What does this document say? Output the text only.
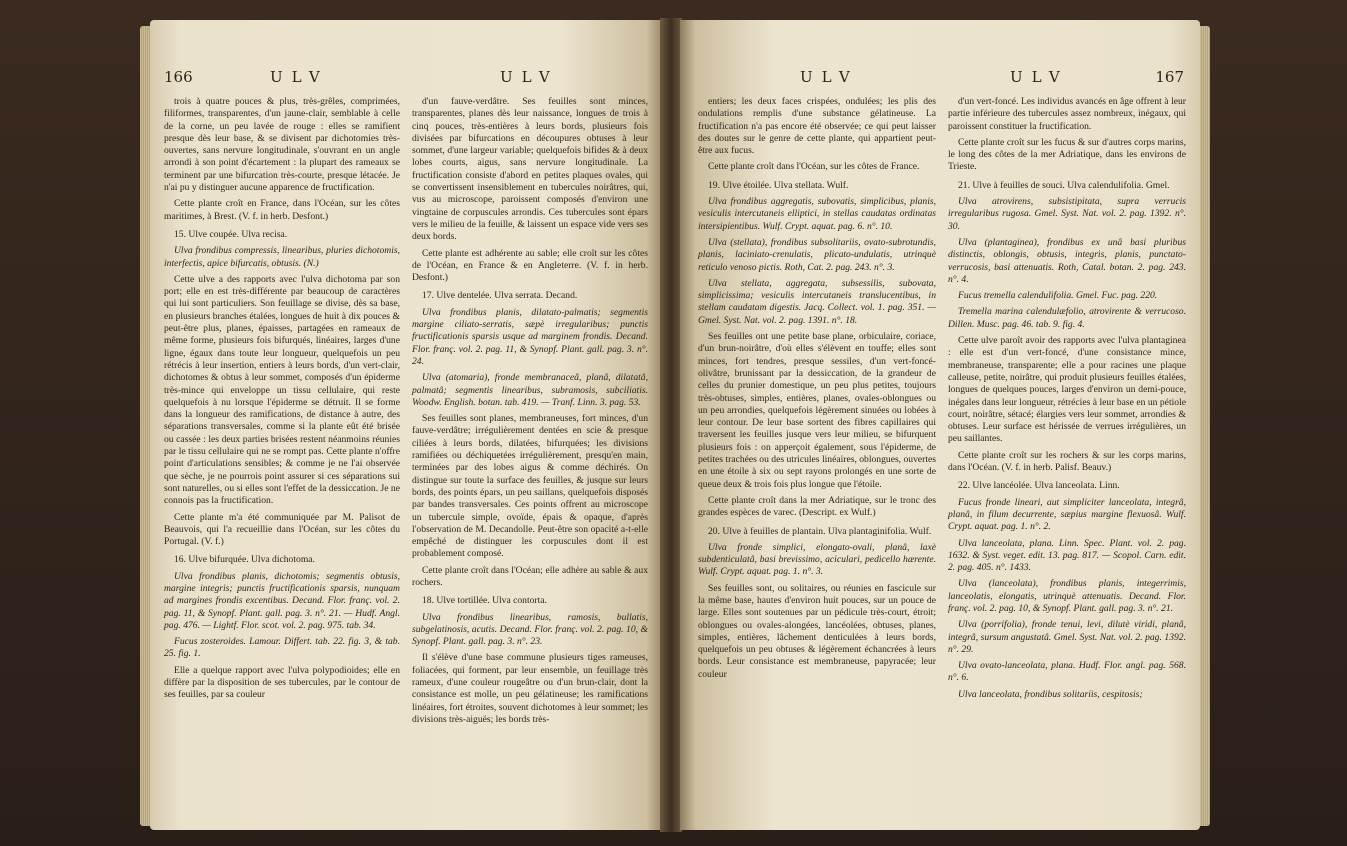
166	ULV	ULV

trois à quatre pouces & plus, très-grêles, comprimées, filiformes, transparentes, d'un jaune-clair, semblable à celle de la corne, un peu lavée de rouge : elles se ramifient presque dès leur base, & se divisent par dichotomies très-ouvertes, sans nervure longitudinale, s'ouvrant en un angle arrondi à son point d'écartement : la plupart des rameaux se terminent par une bifurcation très-courte, presque létacée. Je n'ai pu y distinguer aucune apparence de fructification.

Cette plante croît en France, dans l'Océan, sur les côtes maritimes, à Brest. (V. f. in herb. Desfont.)

15. Ulve coupée. Ulva recisa.

Ulva frondibus compressis, linearibus, pluries dichotomis, interfectis, apice bifurcatis, obtusis. (N.)

Cette ulve a des rapports avec l'ulva dichotoma par son port; elle en est très-différente par beaucoup de caractères qui lui sont particuliers. Son feuillage se divise, dès sa base, en plusieurs branches étalées, longues de huit à dix pouces & peut-être plus, planes, épaisses, partagées en rameaux de même forme, plusieurs fois bifurqués, linéaires, larges d'une ligne, égaux dans toute leur longueur, quelquefois un peu rétrécis à leur insertion, entiers à leurs bords, d'un vert-clair, dichotomes & obtus à leur sommet, composés d'un épiderme très-mince qui enveloppe un tissu cellulaire, qui reste quelquefois à nu lorsque l'épiderme se détruit. Il se forme dans la longueur des ramifications, de distance à autre, des séparations transversales, comme si la plante eût été brisée ou cassée : les deux parties brisées restent néanmoins réunies par le tissu cellulaire qui ne se rompt pas. Cette plante n'offre point d'articulations sensibles; & comme je ne l'ai observée que sèche, je ne pourrois point assurer si ces séparations sui sont naturelles, ou si elles sont l'effet de la dessiccation. Je ne connois pas la fructification.

Cette plante m'a été communiquée par M. Palisot de Beauvois, qui l'a recueillie dans l'Océan, sur les côtes du Portugal. (V. f.)

16. Ulve bifurquée. Ulva dichotoma.

Ulva frondibus planis, dichotomis; segmentis obtusis, margine integris; punctis fructificationis sparsis, nunquam ad margines frondis excentibus. Decand. Flor. franç. vol. 2. pag. 11, & Synopf. Plant. gall. pag. 3. n°. 21. — Hudf. Angl. pag. 476. — Lightf. Flor. scot. vol. 2. pag. 975. tab. 34.

Fucus zosteroides. Lamour. Differt. tab. 22. fig. 3, & tab. 25. fig. 1.

Elle a quelque rapport avec l'ulva polypodioides; elle en diffère par la disposition de ses tubercules, par le contour de ses feuilles, par sa couleur

d'un fauve-verdâtre. Ses feuilles sont minces, transparentes, planes dès leur naissance, longues de trois à cinq pouces, très-entières à leurs bords, plusieurs fois divisées par bifurcations en découpures obtuses à leur sommet, d'une largeur variable; quelquefois bifides & à deux lobes courts, aigus, sans nervure longitudinale. La fructification consiste d'abord en petites plaques ovales, qui se convertissent insensiblement en tubercules noirâtres, qui, vus au microscope, paroissent composés d'environ une vingtaine de corpuscules arrondis. Ces tubercules sont épars vers le milieu de la feuille, & laissent un espace vide vers ses deux bords.

Cette plante est adhérente au sable; elle croît sur les côtes de l'Océan, en France & en Angleterre. (V. f. in herb. Desfont.)

17. Ulve dentelée. Ulva serrata. Decand.

Ulva frondibus planis, dilatato-palmatis; segmentis margine ciliato-serratis, sæpè irregularibus; punctis fructificationis sparsis usque ad marginem frondis. Decand. Flor. franç. vol. 2. pag. 11, & Synopf. Plant. gall. pag. 3. n°. 24.

Ulva (atomaria), fronde membranaceâ, planâ, dilatatâ, palmatâ; segmentis linearibus, subramosis, subciliatis. Woodw. English. botan. tab. 419. — Tranf. Linn. 3. pag. 53.

Ses feuilles sont planes, membraneuses, fort minces, d'un fauve-verdâtre; irrégulièrement dentées en scie & presque ciliées à leurs bords, dilatées, bifurquées; les divisions ramifiées ou déchiquetées irrégulièrement, presqu'en main, terminées par des lobes aigus & comme déchirés. On distingue sur toute la surface des feuilles, & jusque sur leurs bords, des points épars, un peu saillans, quelquefois disposés par bandes transversales. Ces points offrent au microscope un tubercule simple, ovoïde, épais & opaque, d'après l'observation de M. Decandolle. Peut-être son opacité a-t-elle empêché de distinguer les corpuscules dont il est probablement composé.

Cette plante croît dans l'Océan; elle adhère au sable & aux rochers.

18. Ulve tortillée. Ulva contorta.

Ulva frondibus linearibus, ramosis, bullatis, subgelatinosis, acutis. Decand. Flor. franç. vol. 2. pag. 10, & Synopf. Plant. gall. pag. 3. n°. 23.

Il s'élève d'une base commune plusieurs tiges rameuses, foliacées, qui forment, par leur ensemble, un feuillage très rameux, d'une couleur rougeâtre ou d'un brun-clair, dont la consistance est molle, un peu gélatineuse; les ramifications linéaires, fort étroites, souvent dichotomes à leur sommet; les divisions très-aiguës; les bords très-

ULV	ULV	167

entiers; les deux faces crispées, ondulées; les plis des ondulations remplis d'une substance gélatineuse. La fructification n'a pas encore été observée; ce qui peut laisser des doutes sur le genre de cette plante, qui appartient peut-être aux fucus.

Cette plante croît dans l'Océan, sur les côtes de France.

19. Ulve étoilée. Ulva stellata. Wulf.

Ulva frondibus aggregatis, subovatis, simplicibus, planis, vesiculis intercutaneis elliptici, in stellas caudatas ordinatas intersipientibus. Wulf. Crypt. aquat. pag. 6. n°. 10.

Ulva (stellata), frondibus subsolitariis, ovato-subrotundis, planis, laciniato-crenulatis, plicato-undulatis, utrinquè reticulo venoso pictis. Roth, Cat. 2. pag. 243. n°. 3.

Ulva stellata, aggregata, subsessilis, subovata, simplicissima; vesiculis intercutaneis translucentibus, in stellam caudatam digestis. Jacq. Collect. vol. 1. pag. 351. — Gmel. Syst. Nat. vol. 2. pag. 1391. n°. 18.

Ses feuilles ont une petite base plane, orbiculaire, coriace, d'un brun-noirâtre, d'où elles s'élèvent en touffe; elles sont minces, fort tendres, presque sessiles, d'un vert-foncé-olivâtre, brunissant par la dessiccation, de la grandeur de celles du prunier domestique, un peu plus petites, toujours très-obtuses, simples, entières, planes, ovales-oblongues ou un peu arrondies, quelquefois légèrement sinuées ou lobées à leur contour. De leur base sortent des fibres capillaires qui traversent les feuilles jusque vers leur milieu, se bifurquent plusieurs fois : on apperçoit également, sous l'épiderme, de petites trachées ou des utricules linéaires, oblongues, ouvertes en une étoile à six ou sept rayons prolongés en une sorte de queue deux & trois fois plus longue que l'étoile.

Cette plante croît dans la mer Adriatique, sur le tronc des grandes espèces de varec. (Descript. ex Wulf.)

20. Ulve à feuilles de plantain. Ulva plantaginifolia. Wulf.

Ulva fronde simplici, elongato-ovali, planâ, laxè subdenticulatâ, basi brevissimo, aciculari, pedicello hærente. Wulf. Crypt. aquat. pag. 1. n°. 3.

Ses feuilles sont, ou solitaires, ou réunies en fascicule sur la même base, hautes d'environ huit pouces, sur un pouce de large. Elles sont soutenues par un pédicule très-court, étroit; oblongues ou ovales-alongées, lancéolées, obtuses, planes, simples, entières, lâchement denticulées à leurs bords, quelquefois un peu obtuses & légèrement échancrées à leurs bords. Leur consistance est membraneuse, papyracée; leur couleur

d'un vert-foncé. Les individus avancés en âge offrent à leur partie inférieure des tubercules assez nombreux, inégaux, qui paroissent constituer la fructification.

Cette plante croît sur les fucus & sur d'autres corps marins, le long des côtes de la mer Adriatique, dans les environs de Trieste.

21. Ulve à feuilles de souci. Ulva calendulifolia. Gmel.

Ulva atrovirens, subsistipitata, supra verrucis irregularibus rugosa. Gmel. Syst. Nat. vol. 2. pag. 1392. n°. 30.

Ulva (plantaginea), frondibus ex unâ basi pluribus distinctis, oblongis, obtusis, integris, planis, punctato-verrucosis, basi attenuatis. Roth, Catal. botan. 2. pag. 243. n°. 4.

Fucus tremella calendulifolia. Gmel. Fuc. pag. 220.

Tremella marina calendulæfolio, atrovirente & verrucoso. Dillen. Musc. pag. 46. tab. 9. fig. 4.

Cette ulve paroît avoir des rapports avec l'ulva plantaginea : elle est d'un vert-foncé, d'une consistance mince, membraneuse, transparente; elle a pour racines une plaque calleuse, petite, noirâtre, qui produit plusieurs feuilles étalées, longues de quelques pouces, larges d'environ un demi-pouce, inégales dans leur longueur, rétrécies à leur base en un pétiole court, noirâtre, sétacé; élargies vers leur sommet, arrondies & obtuses. Leur surface est hérissée de verrues irrégulières, un peu saillantes.

Cette plante croît sur les rochers & sur les corps marins, dans l'Océan. (V. f. in herb. Palisf. Beauv.)

22. Ulve lancéolée. Ulva lanceolata. Linn.

Fucus fronde lineari, aut simpliciter lanceolata, integrâ, planâ, in filum decurrente, sæpius margine flexuosâ. Wulf. Crypt. aquat. pag. 1. n°. 2.

Ulva lanceolata, plana. Linn. Spec. Plant. vol. 2. pag. 1632. & Syst. veget. edit. 13. pag. 817. — Scopol. Carn. edit. 2. pag. 405. n°. 1433.

Ulva (lanceolata), frondibus planis, integerrimis, lanceolatis, elongatis, utrinquè attenuatis. Decand. Flor. franç. vol. 2. pag. 10, & Synopf. Plant. gall. pag. 3. n°. 21.

Ulva (porrifolia), fronde tenui, levi, dilutè viridi, planâ, integrâ, sursum angustatâ. Gmel. Syst. Nat. vol. 2. pag. 1392. n°. 29.

Ulva ovato-lanceolata, plana. Hudf. Flor. angl. pag. 568. n°. 6.

Ulva lanceolata, frondibus solitariis, cespitosis;
